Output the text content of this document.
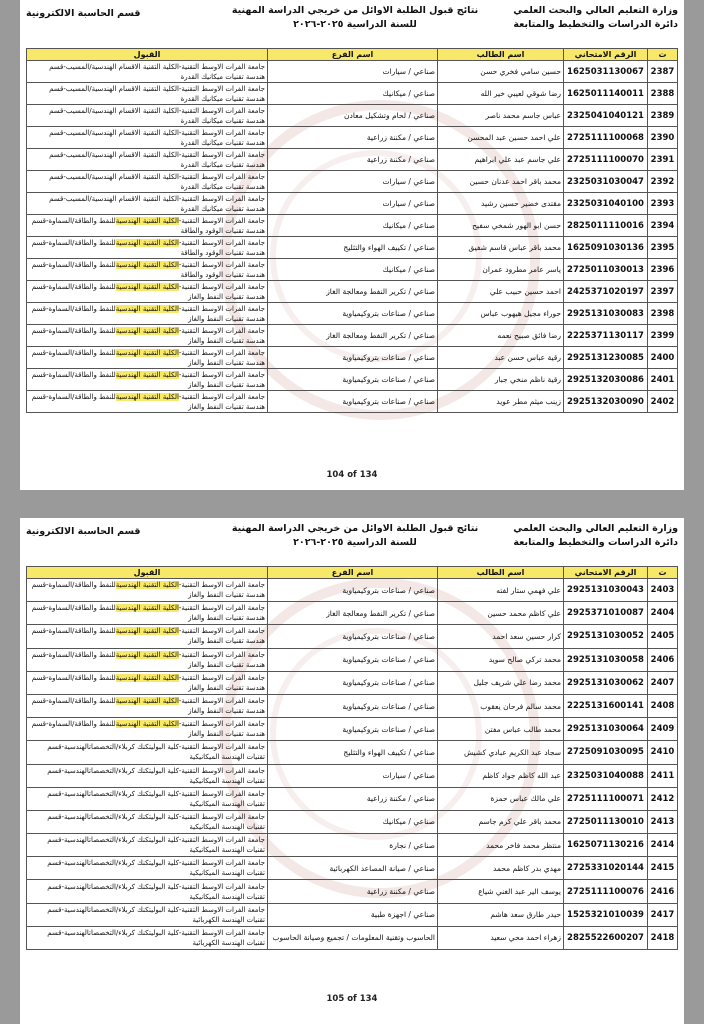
وزارة التعليم العالي والبحث العلمي
دائرة الدراسات والتخطيط والمتابعة
نتائج قبول الطلبة الاوائل من خريجي الدراسة المهنية
للسنة الدراسية ٢٠٢٥-٢٠٢٦
قسم الحاسبة الالكترونية
ت	الرقم الامتحاني	اسم الطالب	اسم الفرع	القبول
2387	1625031130067	حسين سامي فخري حسن	صناعي / سيارات	جامعة الفرات الاوسط التقنية-الكلية التقنية الاقسام الهندسية/المسيب-قسم هندسة تقنيات ميكانيك القدرة
2388	1625011140011	رضا شوقي لعيبي خير الله	صناعي / ميكانيك	جامعة الفرات الاوسط التقنية-الكلية التقنية الاقسام الهندسية/المسيب-قسم هندسة تقنيات ميكانيك القدرة
2389	2325041040121	عباس جاسم محمد ناصر	صناعي / لحام وتشكيل معادن	جامعة الفرات الاوسط التقنية-الكلية التقنية الاقسام الهندسية/المسيب-قسم هندسة تقنيات ميكانيك القدرة
2390	2725111100068	علي احمد حسين عبد المحسن	صناعي / مكننة زراعية	جامعة الفرات الاوسط التقنية-الكلية التقنية الاقسام الهندسية/المسيب-قسم هندسة تقنيات ميكانيك القدرة
2391	2725111100070	علي جاسم عبد علي ابراهيم	صناعي / مكننة زراعية	جامعة الفرات الاوسط التقنية-الكلية التقنية الاقسام الهندسية/المسيب-قسم هندسة تقنيات ميكانيك القدرة
2392	2325031030047	محمد باقر احمد عدنان حسين	صناعي / سيارات	جامعة الفرات الاوسط التقنية-الكلية التقنية الاقسام الهندسية/المسيب-قسم هندسة تقنيات ميكانيك القدرة
2393	2325031040100	مقتدى خضير حسين رشيد	صناعي / سيارات	جامعة الفرات الاوسط التقنية-الكلية التقنية الاقسام الهندسية/المسيب-قسم هندسة تقنيات ميكانيك القدرة
2394	2825011110016	حسن ابو الهور شمخي سفيح	صناعي / ميكانيك	جامعة الفرات الاوسط التقنية-الكلية التقنية الهندسيةللنفط والطاقة/السماوة-قسم هندسة تقنيات الوقود والطاقة
2395	1625091030136	محمد باقر عباس قاسم شفيق	صناعي / تكييف الهواء والتثليج	جامعة الفرات الاوسط التقنية-الكلية التقنية الهندسيةللنفط والطاقة/السماوة-قسم هندسة تقنيات الوقود والطاقة
2396	2725011030013	ياسر عامر مطرود عمران	صناعي / ميكانيك	جامعة الفرات الاوسط التقنية-الكلية التقنية الهندسيةللنفط والطاقة/السماوة-قسم هندسة تقنيات الوقود والطاقة
2397	2425371020197	احمد حسين حبيب علي	صناعي / تكرير النفط ومعالجة الغاز	جامعة الفرات الاوسط التقنية-الكلية التقنية الهندسيةللنفط والطاقة/السماوة-قسم هندسة تقنيات النفط والغاز
2398	2925131030083	حوراء مجيل هيهوب عباس	صناعي / صناعات بتروكيمياوية	جامعة الفرات الاوسط التقنية-الكلية التقنية الهندسيةللنفط والطاقة/السماوة-قسم هندسة تقنيات النفط والغاز
2399	2225371130117	رضا فائق صبيح نعمه	صناعي / تكرير النفط ومعالجة الغاز	جامعة الفرات الاوسط التقنية-الكلية التقنية الهندسيةللنفط والطاقة/السماوة-قسم هندسة تقنيات النفط والغاز
2400	2925131230085	رقية عباس حسن عبد	صناعي / صناعات بتروكيمياوية	جامعة الفرات الاوسط التقنية-الكلية التقنية الهندسيةللنفط والطاقة/السماوة-قسم هندسة تقنيات النفط والغاز
2401	2925132030086	رقية ناظم منخي جبار	صناعي / صناعات بتروكيمياوية	جامعة الفرات الاوسط التقنية-الكلية التقنية الهندسيةللنفط والطاقة/السماوة-قسم هندسة تقنيات النفط والغاز
2402	2925132030090	زينب ميثم مطر عويد	صناعي / صناعات بتروكيمياوية	جامعة الفرات الاوسط التقنية-الكلية التقنية الهندسيةللنفط والطاقة/السماوة-قسم هندسة تقنيات النفط والغاز
104 of 134
وزارة التعليم العالي والبحث العلمي
دائرة الدراسات والتخطيط والمتابعة
نتائج قبول الطلبة الاوائل من خريجي الدراسة المهنية
للسنة الدراسية ٢٠٢٥-٢٠٢٦
قسم الحاسبة الالكترونية
ت	الرقم الامتحاني	اسم الطالب	اسم الفرع	القبول
2403	2925131030043	علي فهمي ستار لفته	صناعي / صناعات بتروكيمياوية	جامعة الفرات الاوسط التقنية-الكلية التقنية الهندسيةللنفط والطاقة/السماوة-قسم هندسة تقنيات النفط والغاز
2404	2925371010087	علي كاظم محمد حسين	صناعي / تكرير النفط ومعالجة الغاز	جامعة الفرات الاوسط التقنية-الكلية التقنية الهندسيةللنفط والطاقة/السماوة-قسم هندسة تقنيات النفط والغاز
2405	2925131030052	كرار حسين سعد احمد	صناعي / صناعات بتروكيمياوية	جامعة الفرات الاوسط التقنية-الكلية التقنية الهندسيةللنفط والطاقة/السماوة-قسم هندسة تقنيات النفط والغاز
2406	2925131030058	محمد تركي صالح سويد	صناعي / صناعات بتروكيمياوية	جامعة الفرات الاوسط التقنية-الكلية التقنية الهندسيةللنفط والطاقة/السماوة-قسم هندسة تقنيات النفط والغاز
2407	2925131030062	محمد رضا علي شريف جليل	صناعي / صناعات بتروكيمياوية	جامعة الفرات الاوسط التقنية-الكلية التقنية الهندسيةللنفط والطاقة/السماوة-قسم هندسة تقنيات النفط والغاز
2408	2225131600141	محمد سالم فرحان يعقوب	صناعي / صناعات بتروكيمياوية	جامعة الفرات الاوسط التقنية-الكلية التقنية الهندسيةللنفط والطاقة/السماوة-قسم هندسة تقنيات النفط والغاز
2409	2925131030064	محمد طالب عباس مفتن	صناعي / صناعات بتروكيمياوية	جامعة الفرات الاوسط التقنية-الكلية التقنية الهندسيةللنفط والطاقة/السماوة-قسم هندسة تقنيات النفط والغاز
2410	2725091030095	سجاد عبد الكريم عبادي كشيش	صناعي / تكييف الهواء والتثليج	جامعة الفرات الاوسط التقنية-كلية البوليتكنك كربلاء/التخصصاتالهندسية-قسم تقنيات الهندسة الميكانيكية
2411	2325031040088	عبد الله كاظم جواد كاظم	صناعي / سيارات	جامعة الفرات الاوسط التقنية-كلية البوليتكنك كربلاء/التخصصاتالهندسية-قسم تقنيات الهندسة الميكانيكية
2412	2725111100071	علي مالك عباس حمزة	صناعي / مكننة زراعية	جامعة الفرات الاوسط التقنية-كلية البوليتكنك كربلاء/التخصصاتالهندسية-قسم تقنيات الهندسة الميكانيكية
2413	2725011130010	محمد باقر علي كرم جاسم	صناعي / ميكانيك	جامعة الفرات الاوسط التقنية-كلية البوليتكنك كربلاء/التخصصاتالهندسية-قسم تقنيات الهندسة الميكانيكية
2414	1625071130216	منتظر محمد فاخر محمد	صناعي / نجارة	جامعة الفرات الاوسط التقنية-كلية البوليتكنك كربلاء/التخصصاتالهندسية-قسم تقنيات الهندسة الميكانيكية
2415	2725331020144	مهدي بدر كاظم محمد	صناعي / صيانة المصاعد الكهربائية	جامعة الفرات الاوسط التقنية-كلية البوليتكنك كربلاء/التخصصاتالهندسية-قسم تقنيات الهندسة الميكانيكية
2416	2725111100076	يوسف الير عبد الغني شياع	صناعي / مكننة زراعية	جامعة الفرات الاوسط التقنية-كلية البوليتكنك كربلاء/التخصصاتالهندسية-قسم تقنيات الهندسة الميكانيكية
2417	1525321010039	حيدر طارق سعد هاشم	صناعي / اجهزة طبية	جامعة الفرات الاوسط التقنية-كلية البوليتكنك كربلاء/التخصصاتالهندسية-قسم تقنيات الهندسة الكهربائية
2418	2825522600207	زهراء احمد محي سعيد	الحاسوب وتقنية المعلومات / تجميع وصيانة الحاسوب	جامعة الفرات الاوسط التقنية-كلية البوليتكنك كربلاء/التخصصاتالهندسية-قسم تقنيات الهندسة الكهربائية
105 of 134
